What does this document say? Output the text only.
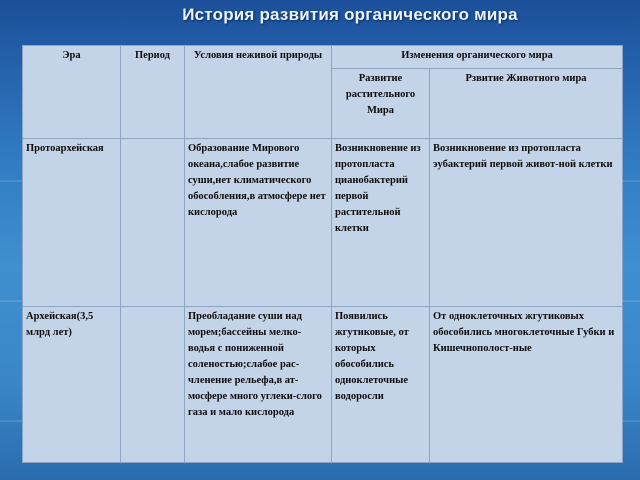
История развития органического мира
Эра	Период	Условия неживой природы	Изменения органического мира	
			Развитие растительного Мира	Рзвитие Животного мира
Протоархейская		Образование Мирового океана,слабое развитие суши,нет климатического обособления,в атмосфере нет кислорода	Возникновение из протопласта цианобактерий первой растительной клетки	Возникновение из протопласта эубактерий первой живот-ной клетки
Архейская(3,5 млрд лет)		Преобладание суши над морем;бассейны мелко-водья с пониженной соленостью;слабое рас-членение рельефа,в ат-мосфере много углеки-слого газа и мало кислорода	Появились жгутиковые, от которых обособились одноклеточные водоросли	От одноклеточных жгутиковых обособились многоклеточные Губки и Кишечнополост-ные
